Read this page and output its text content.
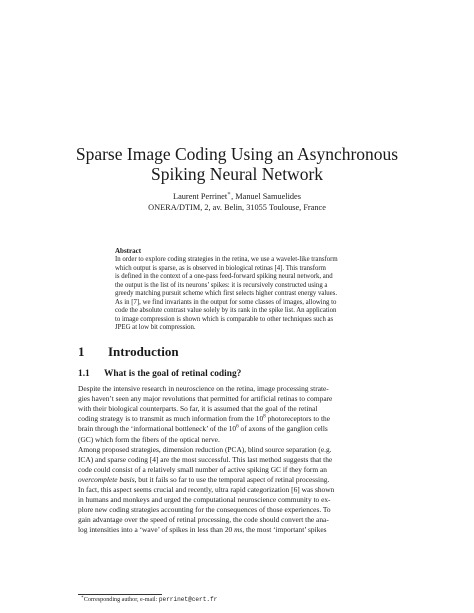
Sparse Image Coding Using an Asynchronous
Spiking Neural Network
Laurent Perrinet∗, Manuel Samuelides
ONERA/DTIM, 2, av. Belin, 31055 Toulouse, France
Abstract
In order to explore coding strategies in the retina, we use a wavelet-like transform
which output is sparse, as is observed in biological retinas [4]. This transform
is defined in the context of a one-pass feed-forward spiking neural network, and
the output is the list of its neurons’ spikes: it is recursively constructed using a
greedy matching pursuit scheme which first selects higher contrast energy values.
As in [7], we find invariants in the output for some classes of images, allowing to
code the absolute contrast value solely by its rank in the spike list. An application
to image compression is shown which is comparable to other techniques such as
JPEG at low bit compression.
1 Introduction
1.1 What is the goal of retinal coding?
Despite the intensive research in neuroscience on the retina, image processing strate-
gies haven’t seen any major revolutions that permitted for artificial retinas to compare
with their biological counterparts. So far, it is assumed that the goal of the retinal
coding strategy is to transmit as much information from the $10^8$ photoreceptors to the
brain through the ‘informational bottleneck’ of the $10^6$ of axons of the ganglion cells
(GC) which form the fibers of the optical nerve.
Among proposed strategies, dimension reduction (PCA), blind source separation (e.g.
ICA) and sparse coding [4] are the most successful. This last method suggests that the
code could consist of a relatively small number of active spiking GC if they form an
overcomplete basis, but it fails so far to use the temporal aspect of retinal processing.
In fact, this aspect seems crucial and recently, ultra rapid categorization [6] was shown
in humans and monkeys and urged the computational neuroscience community to ex-
plore new coding strategies accounting for the consequences of those experiences. To
gain advantage over the speed of retinal processing, the code should convert the ana-
log intensities into a ‘wave’ of spikes in less than 20 ms, the most ‘important’ spikes
∗Corresponding author, e-mail: perrinet@cert.fr
